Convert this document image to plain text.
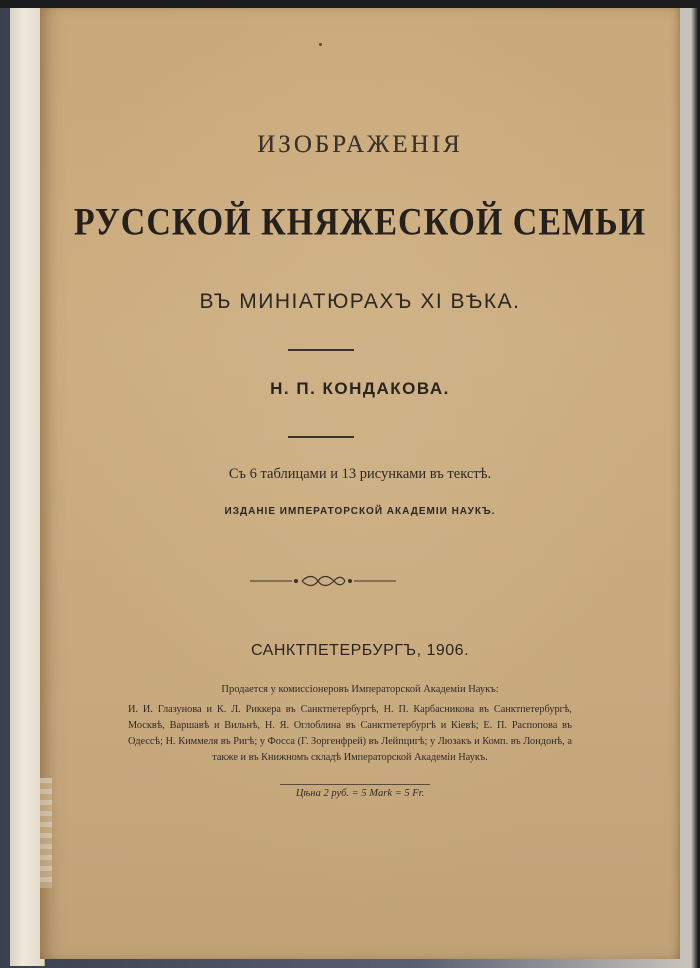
ИЗОБРАЖЕНІЯ
РУССКОЙ КНЯЖЕСКОЙ СЕМЬИ
ВЪ МИНІАТЮРАХЪ XI ВѢКА.
Н. П. КОНДАКОВА.
Съ 6 таблицами и 13 рисунками въ текстѣ.
ИЗДАНІЕ ИМПЕРАТОРСКОЙ АКАДЕМІИ НАУКЪ.
САНКТПЕТЕРБУРГЪ, 1906.
Продается у комиссіонеровъ Императорской Академіи Наукъ:
И. И. Глазунова и К. Л. Риккера въ Санктпетербургѣ, Н. П. Карбасникова въ Санктпетербургѣ, Москвѣ, Варшавѣ и Вильнѣ, Н. Я. Оглоблина въ Санктпетербургѣ и Кіевѣ; Е. П. Распопова въ Одессѣ; Н. Киммеля въ Ригѣ; у Фосса (Г. Зоргенфрей) въ Лейпцигѣ; у Люзакъ и Комп. въ Лондонѣ, а также и въ Книжномъ складѣ Императорской Академіи Наукъ.
Цѣна 2 руб. = 5 Mark = 5 Fr.
